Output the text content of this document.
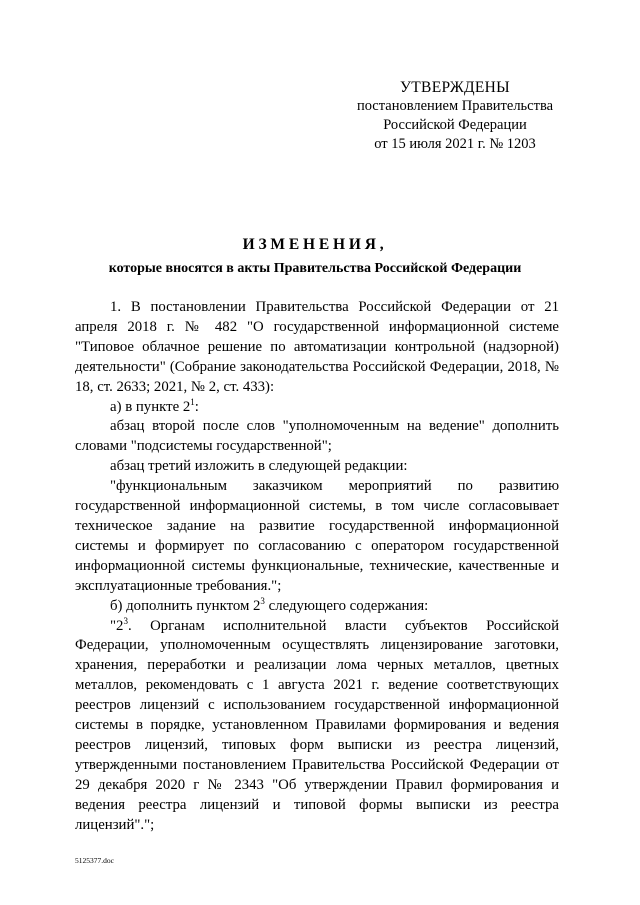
УТВЕРЖДЕНЫ
постановлением Правительства
Российской Федерации
от 15 июля 2021 г. № 1203
ИЗМЕНЕНИЯ,
которые вносятся в акты Правительства Российской Федерации

1. В постановлении Правительства Российской Федерации от 21 апреля 2018 г. № 482 "О государственной информационной системе "Типовое облачное решение по автоматизации контрольной (надзорной) деятельности" (Собрание законодательства Российской Федерации, 2018, № 18, ст. 2633; 2021, № 2, ст. 433):

а) в пункте $2^1$:

абзац второй после слов "уполномоченным на ведение" дополнить словами "подсистемы государственной";

абзац третий изложить в следующей редакции:

"функциональным заказчиком мероприятий по развитию государственной информационной системы, в том числе согласовывает техническое задание на развитие государственной информационной системы и формирует по согласованию с оператором государственной информационной системы функциональные, технические, качественные и эксплуатационные требования.";

б) дополнить пунктом $2^3$ следующего содержания:

"$2^3$. Органам исполнительной власти субъектов Российской Федерации, уполномоченным осуществлять лицензирование заготовки, хранения, переработки и реализации лома черных металлов, цветных металлов, рекомендовать с 1 августа 2021 г. ведение соответствующих реестров лицензий с использованием государственной информационной системы в порядке, установленном Правилами формирования и ведения реестров лицензий, типовых форм выписки из реестра лицензий, утвержденными постановлением Правительства Российской Федерации от 29 декабря 2020 г № 2343 "Об утверждении Правил формирования и ведения реестра лицензий и типовой формы выписки из реестра лицензий".";

5125377.doc
